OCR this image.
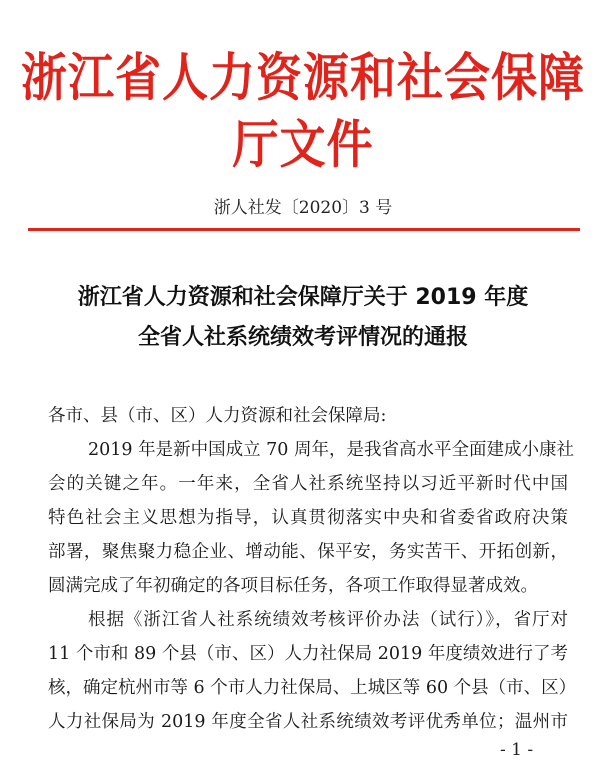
浙江省人力资源和社会保障厅文件
浙人社发〔2020〕3 号
浙江省人力资源和社会保障厅关于 2019 年度
全省人社系统绩效考评情况的通报
各市、县（市、区）人力资源和社会保障局:
2019 年是新中国成立 70 周年，是我省高水平全面建成小康社
会的关键之年。一年来，全省人社系统坚持以习近平新时代中国
特色社会主义思想为指导，认真贯彻落实中央和省委省政府决策
部署，聚焦聚力稳企业、增动能、保平安，务实苦干、开拓创新，
圆满完成了年初确定的各项目标任务，各项工作取得显著成效。
根据《浙江省人社系统绩效考核评价办法（试行）》，省厅对
11 个市和 89 个县（市、区）人力社保局 2019 年度绩效进行了考
核，确定杭州市等 6 个市人力社保局、上城区等 60 个县（市、区）
人力社保局为 2019 年度全省人社系统绩效考评优秀单位；温州市
- 1 -
